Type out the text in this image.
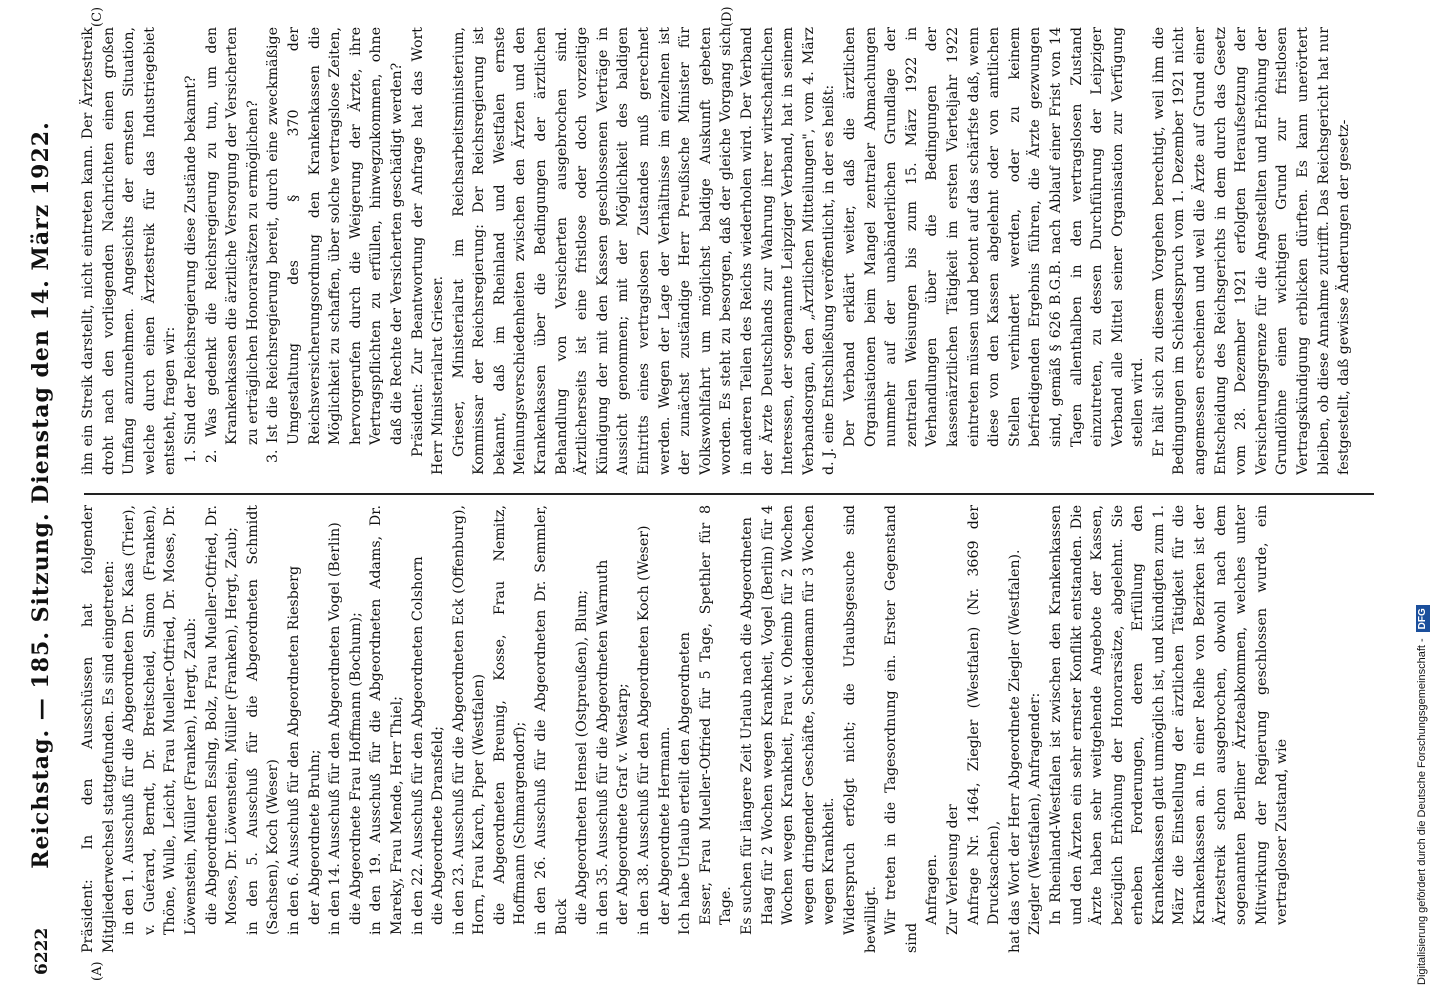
6222
Reichstag. — 185. Sitzung. Dienstag den 14. März 1922.
(A)
(C)	(D)

Präsident: In den Ausschüssen hat folgender Mitgliederwechsel stattgefunden. Es sind eingetreten: in den 1. Ausschuß für die Abgeordneten Dr. Kaas (Trier), v. Guérard, Berndt, Dr. Breitscheid, Simon (Franken), Thöne, Wulle, Leicht, Frau Mueller-Otfried, Dr. Moses, Dr. Löwenstein, Müller (Franken), Hergt, Zaub: die Abgeordneten Esslng, Bolz, Frau Mueller-Otfried, Dr. Moses, Dr. Löwenstein, Müller (Franken), Hergt, Zaub; in den 5. Ausschuß für die Abgeordneten Schmidt (Sachsen), Koch (Weser) in den 6. Ausschuß für den Abgeordneten Riesberg der Abgeordnete Bruhn; in den 14. Ausschuß für den Abgeordneten Vogel (Berlin) die Abgeordnete Frau Hoffmann (Bochum); in den 19. Ausschuß für die Abgeordneten Adams, Dr. Mareky, Frau Mende, Herr Thiel; in den 22. Ausschuß für den Abgeordneten Colshorn die Abgeordnete Dransfeld; in den 23. Ausschuß für die Abgeordneten Eck (Offenburg), Horn, Frau Karch, Piper (Westfalen) die Abgeordneten Breunig, Kosse, Frau Nemitz, Hoffmann (Schmargendorf); in den 26. Ausschuß für die Abgeordneten Dr. Semmler, Buck die Abgeordneten Hensel (Ostpreußen), Blum; in den 35. Ausschuß für die Abgeordneten Warmuth der Abgeordnete Graf v. Westarp; in den 38. Ausschuß für den Abgeordneten Koch (Weser) der Abgeordnete Hermann. Ich habe Urlaub erteilt den Abgeordneten Esser, Frau Mueller-Otfried für 5 Tage, Spethler für 8 Tage. Es suchen für längere Zeit Urlaub nach die Abgeordneten Haag für 2 Wochen wegen Krankheit, Vogel (Berlin) für 4 Wochen wegen Krankheit, Frau v. Oheimb für 2 Wochen wegen dringender Geschäfte, Scheidemann für 3 Wochen wegen Krankheit. Widerspruch erfolgt nicht; die Urlaubsgesuche sind bewilligt. Wir treten in die Tagesordnung ein. Erster Gegenstand sind

Anfragen. Zur Verlesung der Anfrage Nr. 1464, Ziegler (Westfalen) (Nr. 3669 der Drucksachen), hat das Wort der Herr Abgeordnete Ziegler (Westfalen). Ziegler (Westfalen), Anfragender: In Rheinland-Westfalen ist zwischen den Krankenkassen und den Ärzten ein sehr ernster Konflikt entstanden. Die Ärzte haben sehr weitgehende Angebote der Kassen, bezüglich Erhöhung der Honorarsätze, abgelehnt. Sie erheben Forderungen, deren Erfüllung den Krankenkassen glatt unmöglich ist, und kündigten zum 1. März die Einstellung der ärztlichen Tätigkeit für die Krankenkassen an. In einer Reihe von Bezirken ist der Ärztestreik schon ausgebrochen, obwohl nach dem sogenannten Berliner Ärzteabkommen, welches unter Mitwirkung der Regierung geschlossen wurde, ein vertragloser Zustand, wie

ihn ein Streik darstellt, nicht eintreten kann. Der Ärztestreik droht nach den vorliegenden Nachrichten einen großen Umfang anzunehmen. Angesichts der ernsten Situation, welche durch einen Ärztestreik für das Industriegebiet entsteht, fragen wir: 1. Sind der Reichsregierung diese Zustände bekannt? 2. Was gedenkt die Reichsregierung zu tun, um den Krankenkassen die ärztliche Versorgung der Versicherten zu erträglichen Honorarsätzen zu ermöglichen? 3. Ist die Reichsregierung bereit, durch eine zweckmäßige Umgestaltung des § 370 der Reichsversicherungsordnung den Krankenkassen die Möglichkeit zu schaffen, über solche vertragslose Zeiten, hervorgerufen durch die Weigerung der Ärzte, ihre Vertragspflichten zu erfüllen, hinwegzukommen, ohne daß die Rechte der Versicherten geschädigt werden? Präsident: Zur Beantwortung der Anfrage hat das Wort Herr Ministerialrat Grieser. Grieser, Ministerialrat im Reichsarbeitsministerium, Kommissar der Reichsregierung: Der Reichsregierung ist bekannt, daß im Rheinland und Westfalen ernste Meinungsverschiedenheiten zwischen den Ärzten und den Krankenkassen über die Bedingungen der ärztlichen Behandlung von Versicherten ausgebrochen sind. Ärztlicherseits ist eine fristlose oder doch vorzeitige Kündigung der mit den Kassen geschlossenen Verträge in Aussicht genommen; mit der Möglichkeit des baldigen Eintritts eines vertragslosen Zustandes muß gerechnet werden. Wegen der Lage der Verhältnisse im einzelnen ist der zunächst zuständige Herr Preußische Minister für Volkswohlfahrt um möglichst baldige Auskunft gebeten worden. Es steht zu besorgen, daß der gleiche Vorgang sich in anderen Teilen des Reichs wiederholen wird. Der Verband der Ärzte Deutschlands zur Wahrung ihrer wirtschaftlichen Interessen, der sogenannte Leipziger Verband, hat in seinem Verbandsorgan, den „Ärztlichen Mitteilungen", vom 4. März d. J. eine Entschließung veröffentlicht, in der es heißt: Der Verband erklärt weiter, daß die ärztlichen Organisationen beim Mangel zentraler Abmachungen nunmehr auf der unabänderlichen Grundlage der zentralen Weisungen bis zum 15. März 1922 in Verhandlungen über die Bedingungen der kassenärztlichen Tätigkeit im ersten Vierteljahr 1922 eintreten müssen und betont auf das schärfste daß, wenn diese von den Kassen abgelehnt oder von amtlichen Stellen verhindert werden, oder zu keinem befriedigenden Ergebnis führen, die Ärzte gezwungen sind, gemäß § 626 B.G.B. nach Ablauf einer Frist von 14 Tagen allenthalben in den vertragslosen Zustand einzutreten, zu dessen Durchführung der Leipziger Verband alle Mittel seiner Organisation zur Verfügung stellen wird. Er hält sich zu diesem Vorgehen berechtigt, weil ihm die Bedingungen im Schiedsspruch vom 1. Dezember 1921 nicht angemessen erscheinen und weil die Ärzte auf Grund einer Entscheidung des Reichsgerichts in dem durch das Gesetz vom 28. Dezember 1921 erfolgten Heraufsetzung der Versicherungsgrenze für die Angestellten und Erhöhung der Grundlöhne einen wichtigen Grund zur fristlosen Vertragskündigung erblicken dürften. Es kann unerörtert bleiben, ob diese Annahme zutrifft. Das Reichsgericht hat nur festgestellt, daß gewisse Änderungen der gesetz-

Digitalisierung gefördert durch die Deutsche Forschungsgemeinschaft -DFG
